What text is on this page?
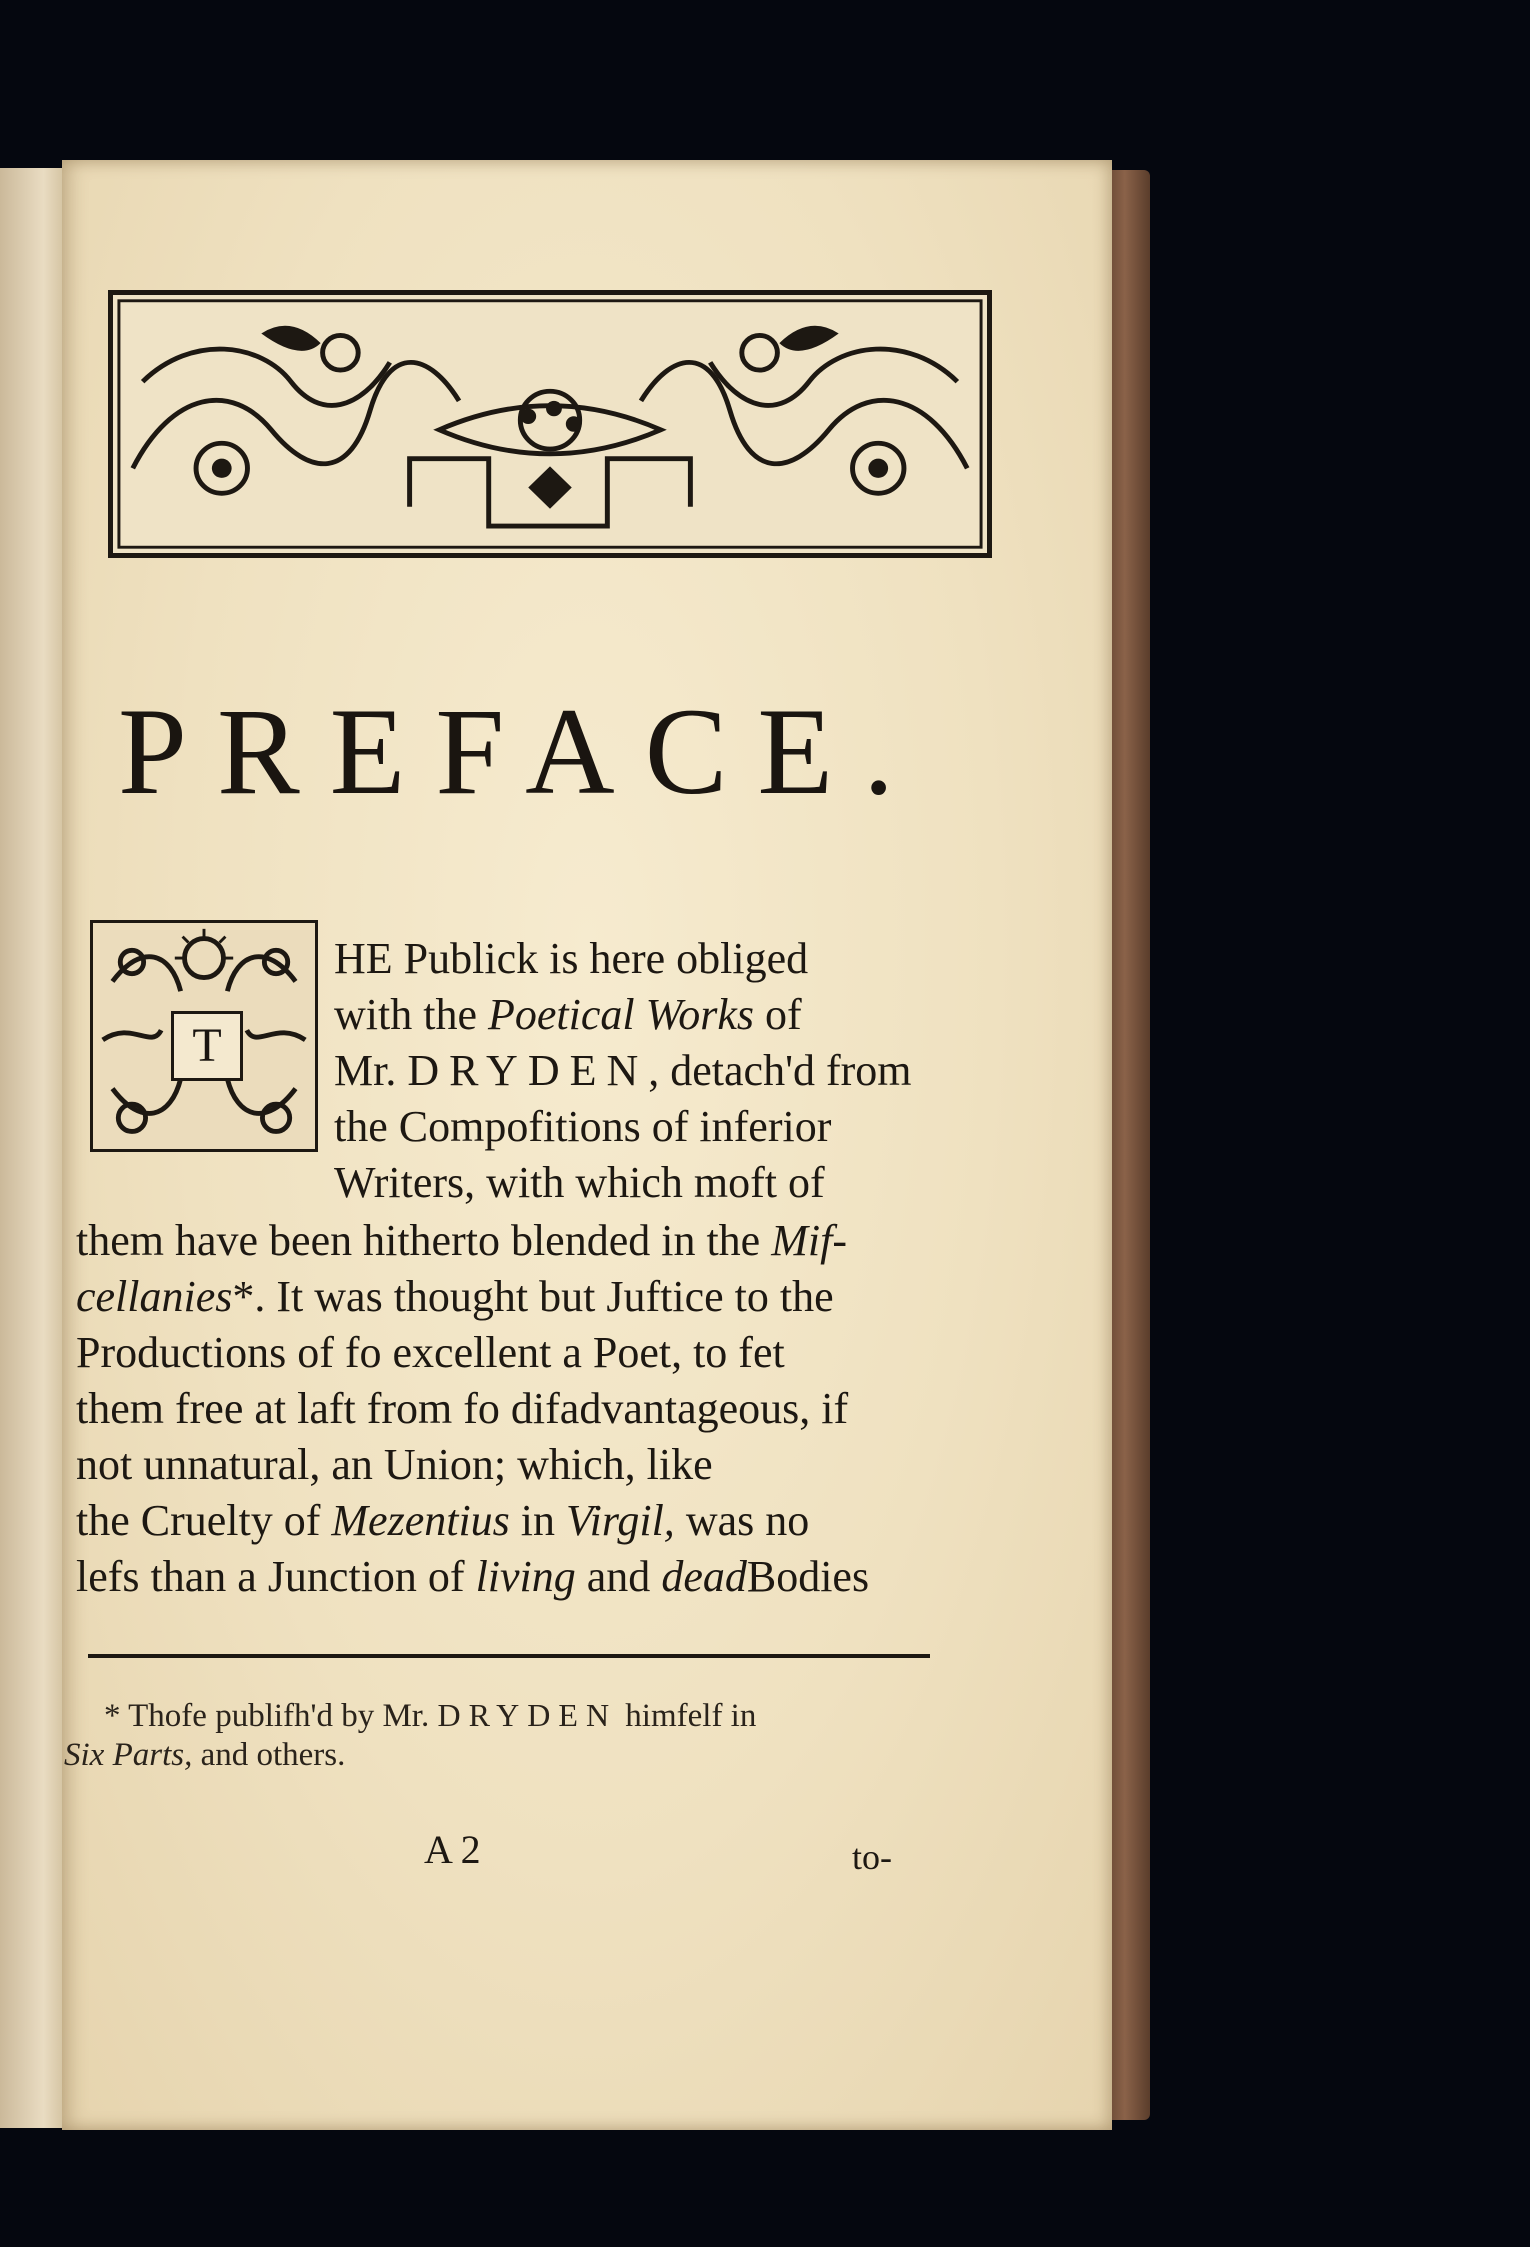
PREFACE.
T
HE Publick is here obliged
with the Poetical Works of
Mr. DRYDEN, detach'd from
the Compofitions of inferior
Writers, with which moft of
them have been hitherto blended in the Mif-
cellanies*. It was thought but Juftice to the
Productions of fo excellent a Poet, to fet
them free at laft from fo difadvantageous, if
not unnatural, an Union; which, like
the Cruelty of Mezentius in Virgil, was no
lefs than a Junction of living and deadBodies
* Thofe publifh'd by Mr. DRYDEN himfelf in
Six Parts, and others.
A 2	to-
